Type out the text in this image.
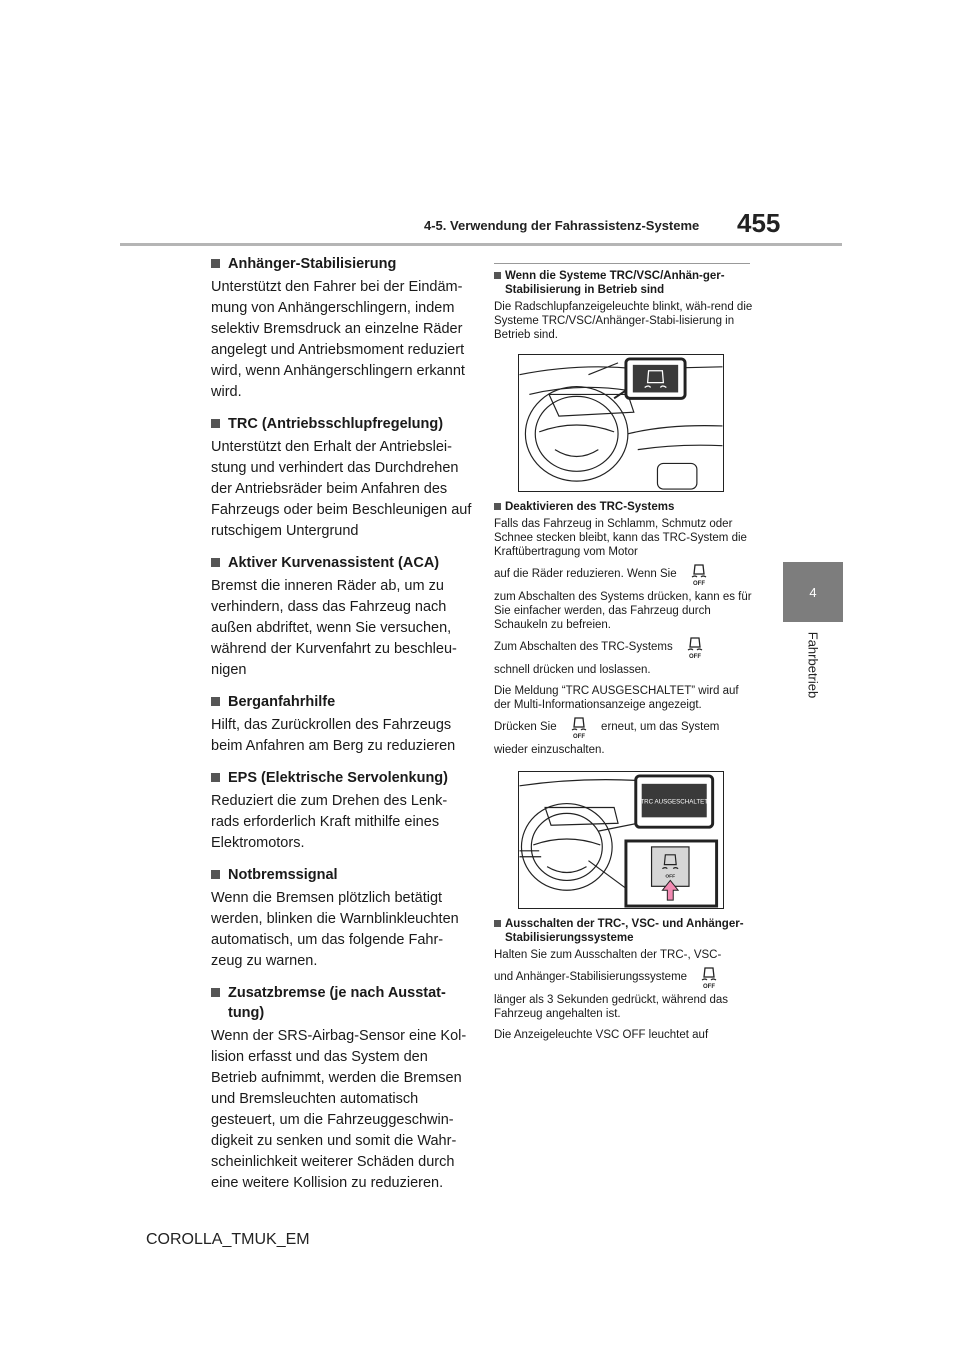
4-5. Verwendung der Fahrassistenz-Systeme 455
4
Fahrbetrieb
Anhänger-Stabilisierung

Unterstützt den Fahrer bei der Eindäm-mung von Anhängerschlingern, indem selektiv Bremsdruck an einzelne Räder angelegt und Antriebsmoment reduziert wird, wenn Anhängerschlingern erkannt wird.

TRC (Antriebsschlupfregelung)

Unterstützt den Erhalt der Antriebslei-stung und verhindert das Durchdrehen der Antriebsräder beim Anfahren des Fahrzeugs oder beim Beschleunigen auf rutschigem Untergrund

Aktiver Kurvenassistent (ACA)

Bremst die inneren Räder ab, um zu verhindern, dass das Fahrzeug nach außen abdriftet, wenn Sie versuchen, während der Kurvenfahrt zu beschleu-nigen

Berganfahrhilfe

Hilft, das Zurückrollen des Fahrzeugs beim Anfahren am Berg zu reduzieren

EPS (Elektrische Servolenkung)

Reduziert die zum Drehen des Lenk-rads erforderlich Kraft mithilfe eines Elektromotors.

Notbremssignal

Wenn die Bremsen plötzlich betätigt werden, blinken die Warnblinkleuchten automatisch, um das folgende Fahr-zeug zu warnen.

Zusatzbremse (je nach Ausstat-
tung)

Wenn der SRS-Airbag-Sensor eine Kol-lision erfasst und das System den Betrieb aufnimmt, werden die Bremsen und Bremsleuchten automatisch gesteuert, um die Fahrzeuggeschwin-digkeit zu senken und somit die Wahr-scheinlichkeit weiterer Schäden durch eine weitere Kollision zu reduzieren.

Wenn die Systeme TRC/VSC/Anhän-ger-Stabilisierung in Betrieb sind

Die Radschlupfanzeigeleuchte blinkt, wäh-rend die Systeme TRC/VSC/Anhänger-Stabi-lisierung in Betrieb sind.

Deaktivieren des TRC-Systems

Falls das Fahrzeug in Schlamm, Schmutz oder Schnee stecken bleibt, kann das TRC-System die Kraftübertragung vom Motor

auf die Räder reduzieren. Wenn Sie
OFF

zum Abschalten des Systems drücken, kann es für Sie einfacher werden, das Fahrzeug durch Schaukeln zu befreien.

Zum Abschalten des TRC-Systems
OFF

schnell drücken und loslassen.

Die Meldung “TRC AUSGESCHALTET” wird auf der Multi-Informationsanzeige angezeigt.

Drücken Sie
OFF
erneut, um das System

wieder einzuschalten.

TRC AUSGESCHALTET
OFF
Ausschalten der TRC-, VSC- und Anhänger-Stabilisierungssysteme

Halten Sie zum Ausschalten der TRC-, VSC-

und Anhänger-Stabilisierungssysteme
OFF

länger als 3 Sekunden gedrückt, während das Fahrzeug angehalten ist.

Die Anzeigeleuchte VSC OFF leuchtet auf

COROLLA_TMUK_EM
